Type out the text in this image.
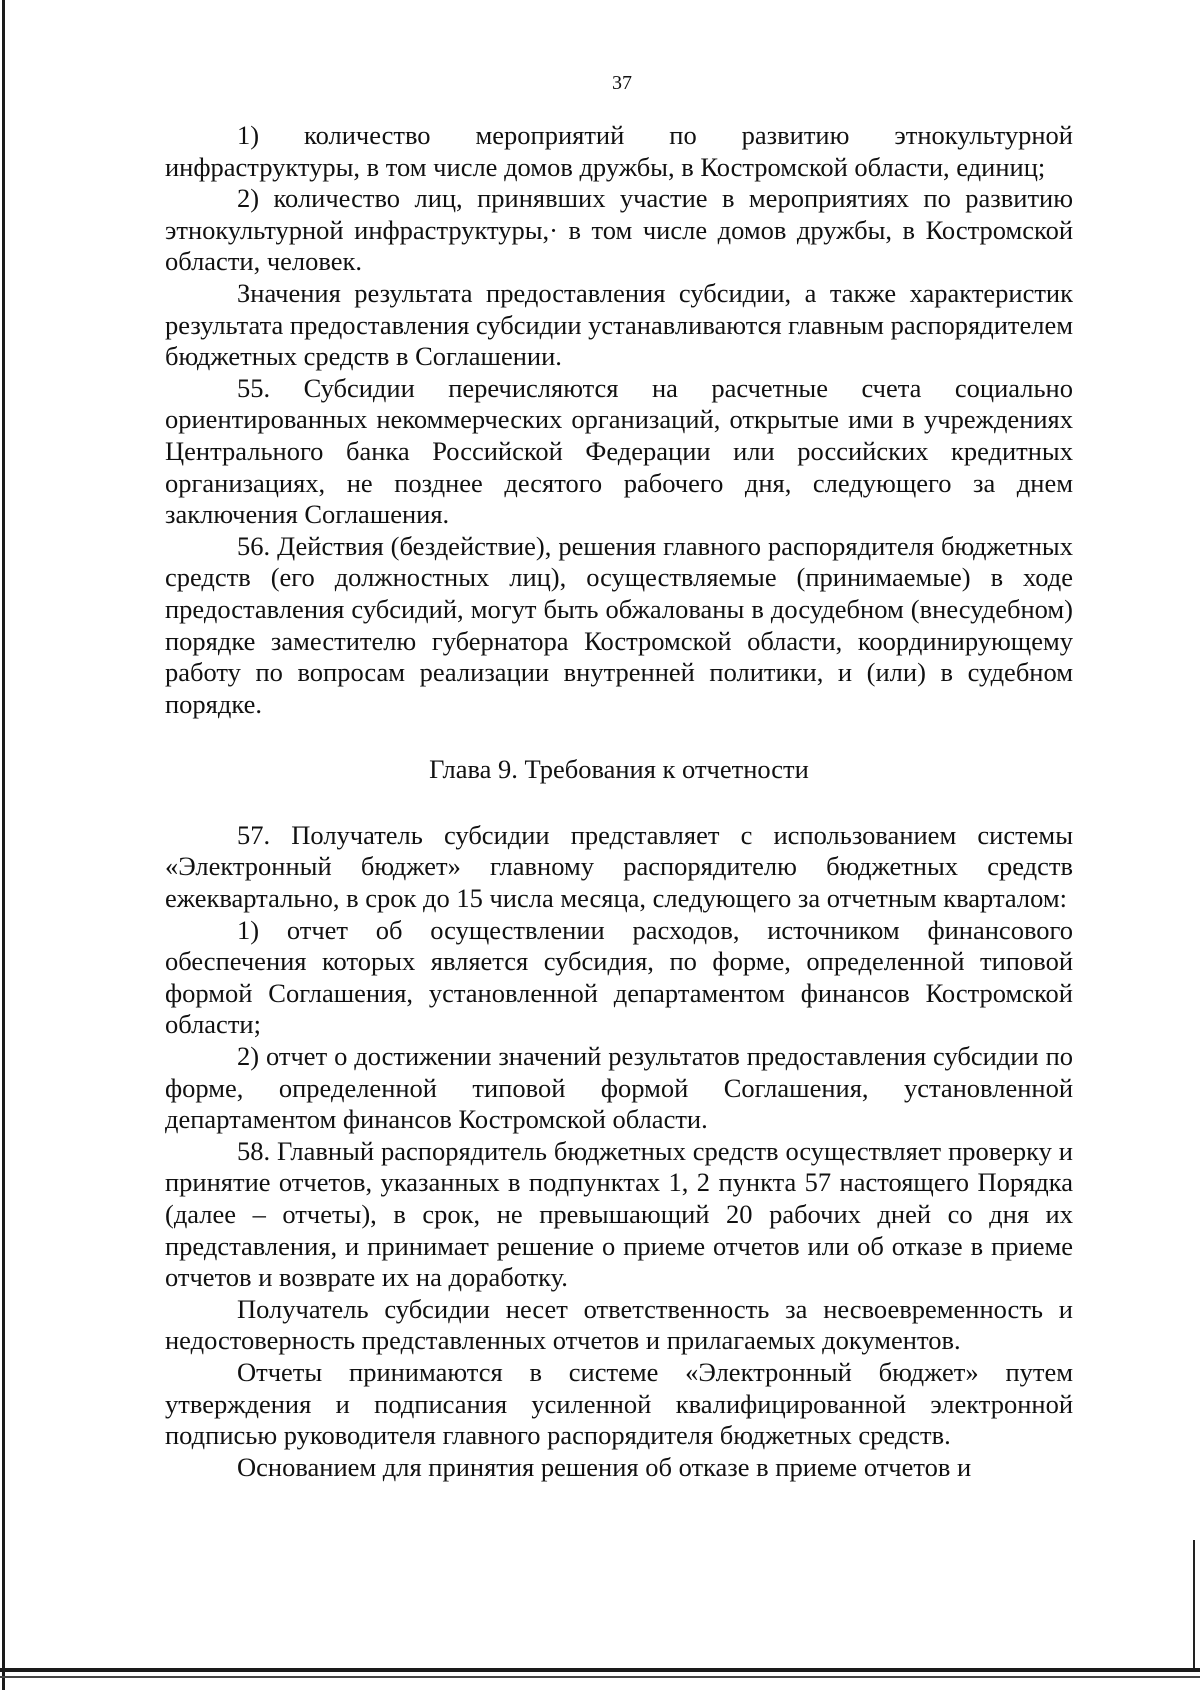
37

1) количество мероприятий по развитию этнокультурной инфраструктуры, в том числе домов дружбы, в Костромской области, единиц;

2) количество лиц, принявших участие в мероприятиях по развитию этнокультурной инфраструктуры,· в том числе домов дружбы, в Костромской области, человек.

Значения результата предоставления субсидии, а также характеристик результата предоставления субсидии устанавливаются главным распорядителем бюджетных средств в Соглашении.

55. Субсидии перечисляются на расчетные счета социально ориентированных некоммерческих организаций, открытые ими в учреждениях Центрального банка Российской Федерации или российских кредитных организациях, не позднее десятого рабочего дня, следующего за днем заключения Соглашения.

56. Действия (бездействие), решения главного распорядителя бюджетных средств (его должностных лиц), осуществляемые (принимаемые) в ходе предоставления субсидий, могут быть обжалованы в досудебном (внесудебном) порядке заместителю губернатора Костромской области, координирующему работу по вопросам реализации внутренней политики, и (или) в судебном порядке.

Глава 9. Требования к отчетности

57. Получатель субсидии представляет с использованием системы «Электронный бюджет» главному распорядителю бюджетных средств ежеквартально, в срок до 15 числа месяца, следующего за отчетным кварталом:

1) отчет об осуществлении расходов, источником финансового обеспечения которых является субсидия, по форме, определенной типовой формой Соглашения, установленной департаментом финансов Костромской области;

2) отчет о достижении значений результатов предоставления субсидии по форме, определенной типовой формой Соглашения, установленной департаментом финансов Костромской области.

58. Главный распорядитель бюджетных средств осуществляет проверку и принятие отчетов, указанных в подпунктах 1, 2 пункта 57 настоящего Порядка (далее – отчеты), в срок, не превышающий 20 рабочих дней со дня их представления, и принимает решение о приеме отчетов или об отказе в приеме отчетов и возврате их на доработку.

Получатель субсидии несет ответственность за несвоевременность и недостоверность представленных отчетов и прилагаемых документов.

Отчеты принимаются в системе «Электронный бюджет» путем утверждения и подписания усиленной квалифицированной электронной подписью руководителя главного распорядителя бюджетных средств.

Основанием для принятия решения об отказе в приеме отчетов и
